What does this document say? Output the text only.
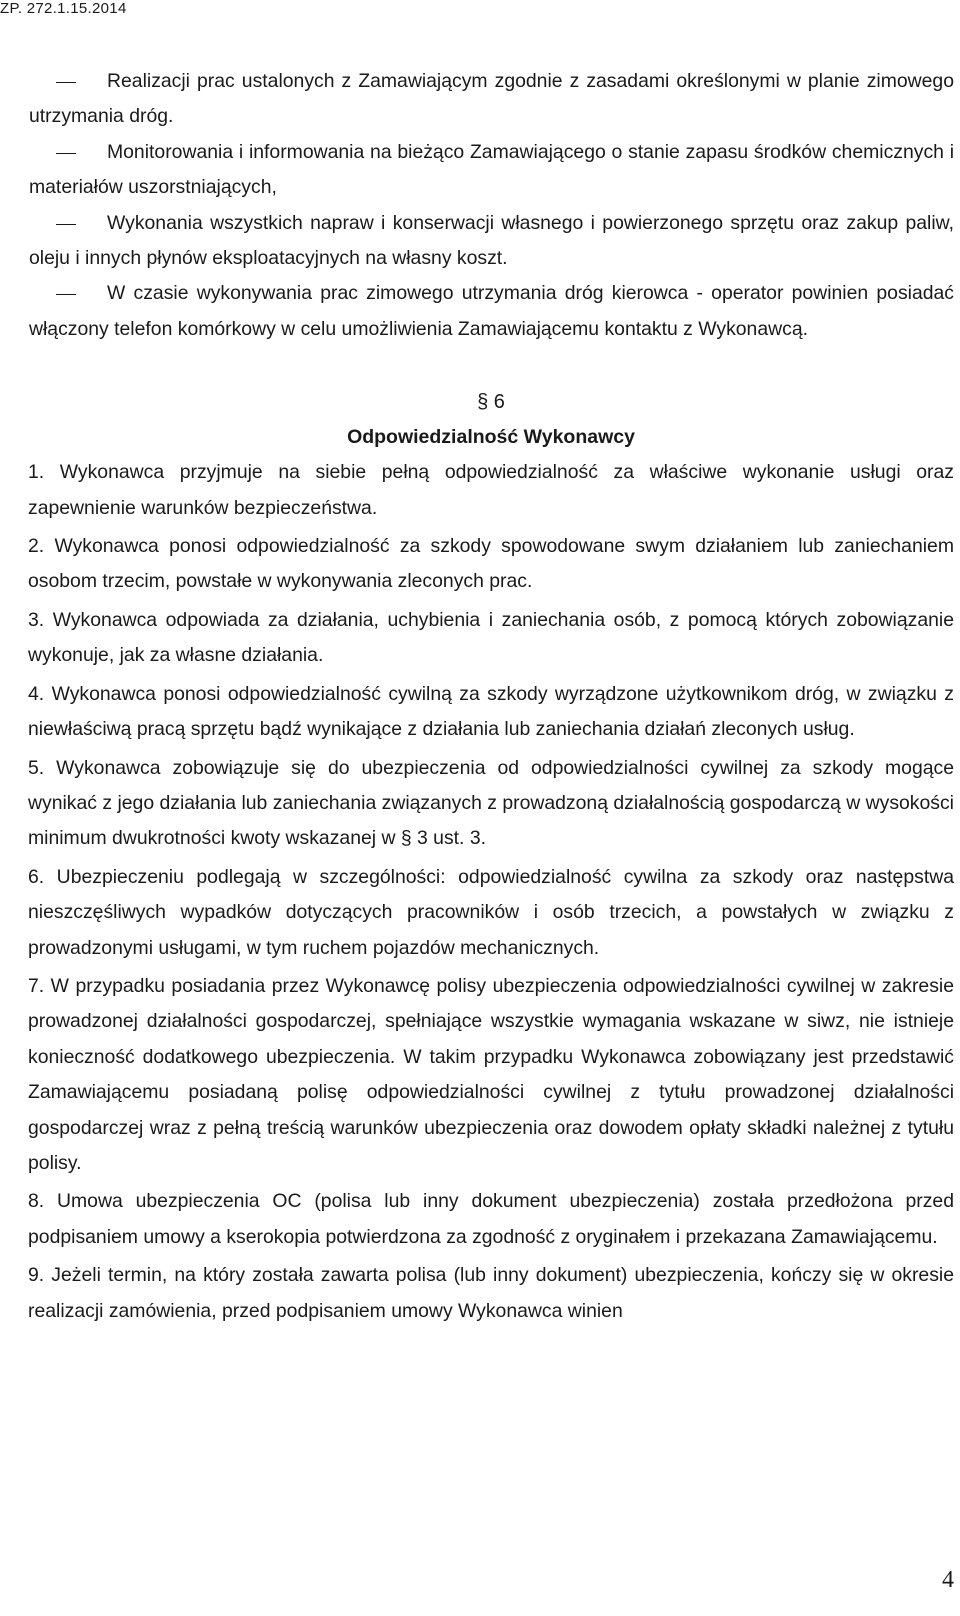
ZP. 272.1.15.2014
Realizacji prac ustalonych z Zamawiającym zgodnie z zasadami określonymi w planie zimowego utrzymania dróg.
Monitorowania i informowania na bieżąco Zamawiającego o stanie zapasu środków chemicznych i materiałów uszorstniających,
Wykonania wszystkich napraw i konserwacji własnego i powierzonego sprzętu oraz zakup paliw, oleju i innych płynów eksploatacyjnych na własny koszt.
W czasie wykonywania prac zimowego utrzymania dróg kierowca - operator powinien posiadać włączony telefon komórkowy w celu umożliwienia Zamawiającemu kontaktu z Wykonawcą.
§ 6
Odpowiedzialność Wykonawcy
1. Wykonawca przyjmuje na siebie pełną odpowiedzialność za właściwe wykonanie usługi oraz zapewnienie warunków bezpieczeństwa.
2. Wykonawca ponosi odpowiedzialność za szkody spowodowane swym działaniem lub zaniechaniem osobom trzecim, powstałe w wykonywania zleconych prac.
3. Wykonawca odpowiada za działania, uchybienia i zaniechania osób, z pomocą których zobowiązanie wykonuje, jak za własne działania.
4. Wykonawca ponosi odpowiedzialność cywilną za szkody wyrządzone użytkownikom dróg, w związku z niewłaściwą pracą sprzętu bądź wynikające z działania lub zaniechania działań zleconych usług.
5. Wykonawca zobowiązuje się do ubezpieczenia od odpowiedzialności cywilnej za szkody mogące wynikać z jego działania lub zaniechania związanych z prowadzoną działalnością gospodarczą w wysokości minimum dwukrotności kwoty wskazanej w § 3 ust. 3.
6. Ubezpieczeniu podlegają w szczególności: odpowiedzialność cywilna za szkody oraz następstwa nieszczęśliwych wypadków dotyczących pracowników i osób trzecich, a powstałych w związku z prowadzonymi usługami, w tym ruchem pojazdów mechanicznych.
7. W przypadku posiadania przez Wykonawcę polisy ubezpieczenia odpowiedzialności cywilnej w zakresie prowadzonej działalności gospodarczej, spełniające wszystkie wymagania wskazane w siwz, nie istnieje konieczność dodatkowego ubezpieczenia. W takim przypadku Wykonawca zobowiązany jest przedstawić Zamawiającemu posiadaną polisę odpowiedzialności cywilnej z tytułu prowadzonej działalności gospodarczej wraz z pełną treścią warunków ubezpieczenia oraz dowodem opłaty składki należnej z tytułu polisy.
8. Umowa ubezpieczenia OC (polisa lub inny dokument ubezpieczenia) została przedłożona przed podpisaniem umowy a kserokopia potwierdzona za zgodność z oryginałem i przekazana Zamawiającemu.
9. Jeżeli termin, na który została zawarta polisa (lub inny dokument) ubezpieczenia, kończy się w okresie realizacji zamówienia, przed podpisaniem umowy Wykonawca winien
4
